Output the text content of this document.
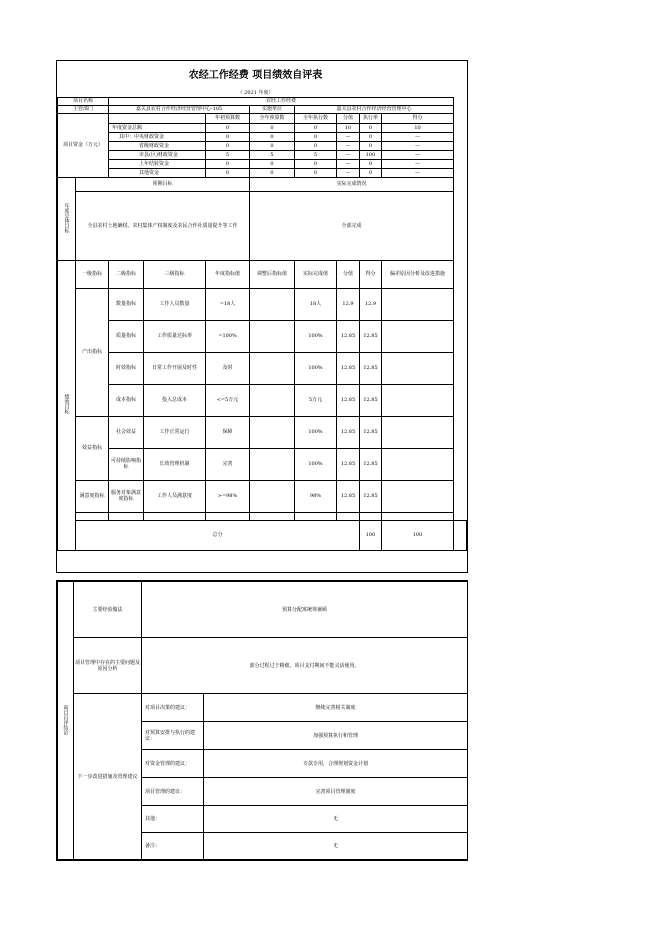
农经工作经费 项目绩效自评表										
（ 2021 年度）										
项目名称		农经工作经费								
主管部门		嘉关县农村合作经济经营管理中心-105			实施单位	嘉关县农村合作经济经营管理中心				
项目资金（万元）				年初预算数	全年预算数	全年执行数	分值	执行率	得分	
		年度资金总额		0	0	0	10	0	10	
		其中：中央财政资金		0	0	0	—	0	—	
		省级财政资金		0	0	0	—	0	—	
		市县(区)财政资金		5	5	5	—	100	—	
		上年结转资金		0	0	0	—	0	—	
		其他资金		0	0	0	—	0	—	
年度总体目标	预期目标				实际完成情况					
	全县农村土地确权、农村集体产权制度及农民合作社质量提升等工作				全部完成					
绩效目标	一级指标	二级指标	三级指标	年度指标值	调整后指标值	实际完成值	分值	得分	偏差原因分析及改进措施	
	产出指标	数量指标	工作人员数量	=18人		18人	12.9	12.9		
		质量指标	工作质量达标率	=100%		100%	12.85	12.85		
		时效指标	日常工作开展及时性	及时		100%	12.85	12.85		
		成本指标	投入总成本	<=5万元		5万元	12.85	12.85		
	效益指标	社会效益	工作正常运行	保障		100%	12.85	12.85		
		可持续影响指标	长效管理机制	完善		100%	12.85	12.85		
	满意度指标	服务对象满意度指标	工作人员满意度	>=98%		98%	12.85	12.85		

	总分							100	100	
项目自评结论	主要经验做法	预算分配寓统筹兼顾	
	项目管理中存在的主要问题及原因分析	部分过程过于精细，项目支付期间不能灵活使用。	
	下一步改进措施及管理建议	对项目决策的建议：	继续完善相关制度
		对预算安排与执行的建议：	加强预算执行和管理
		对资金管理的建议：	专款专用，合理规划资金计划
		项目管理的建议：	完善项目管理制度
		其他：	无
		备注：	无
